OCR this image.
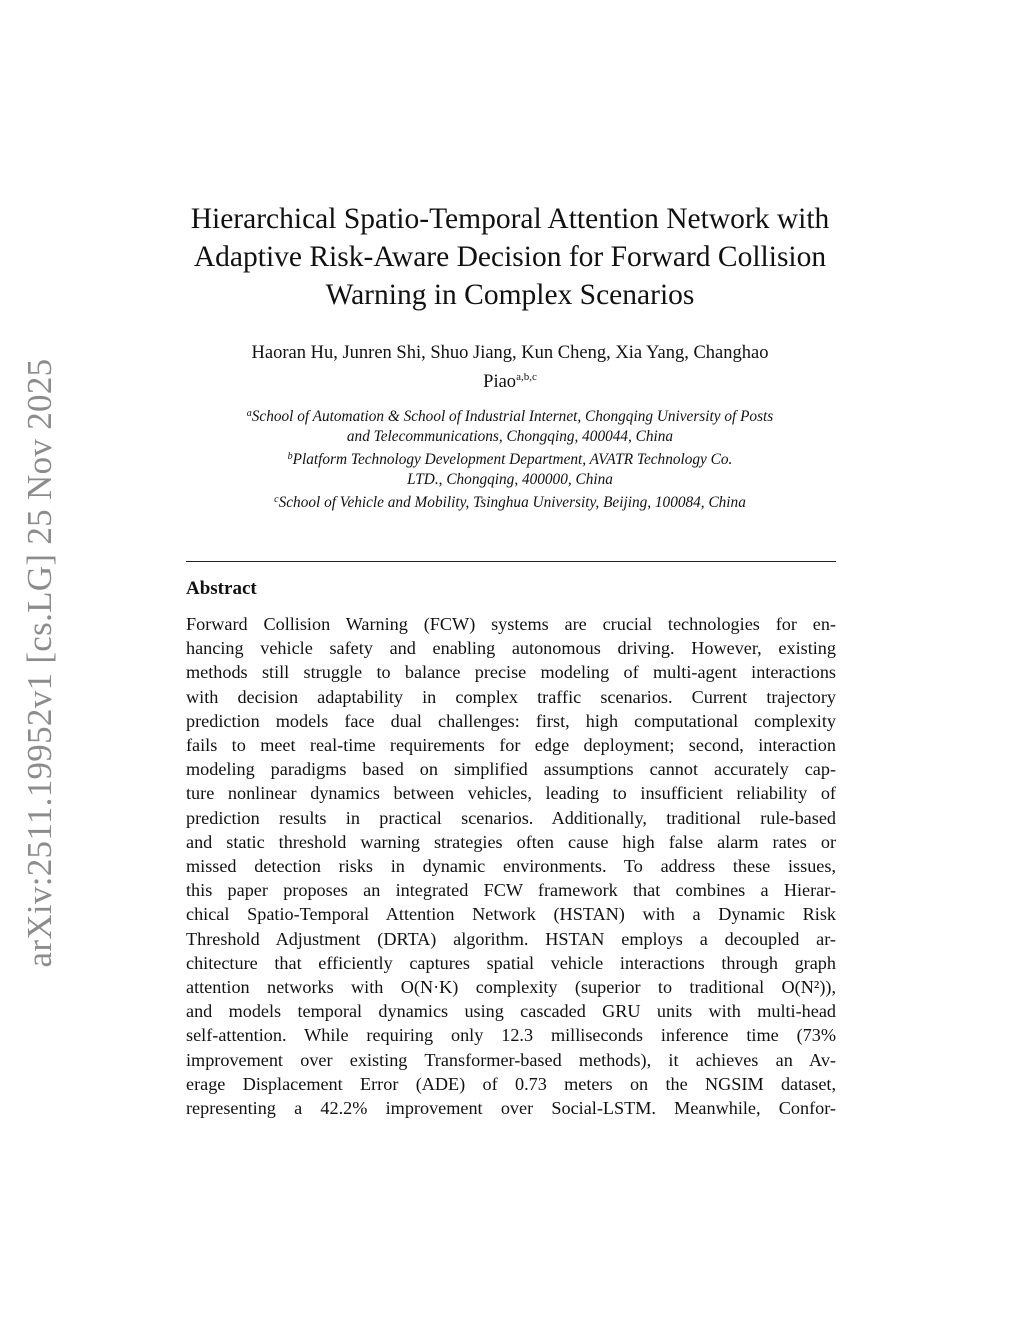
arXiv:2511.19952v1 [cs.LG] 25 Nov 2025
Hierarchical Spatio-Temporal Attention Network with
Adaptive Risk-Aware Decision for Forward Collision
Warning in Complex Scenarios
Haoran Hu, Junren Shi, Shuo Jiang, Kun Cheng, Xia Yang, Changhao
Piao$^{a,b,c}$
$^a$School of Automation & School of Industrial Internet, Chongqing University of Posts
and Telecommunications, Chongqing, 400044, China
$^b$Platform Technology Development Department, AVATR Technology Co.
LTD., Chongqing, 400000, China
$^c$School of Vehicle and Mobility, Tsinghua University, Beijing, 100084, China
Abstract
Forward Collision Warning (FCW) systems are crucial technologies for en-
hancing vehicle safety and enabling autonomous driving. However, existing
methods still struggle to balance precise modeling of multi-agent interactions
with decision adaptability in complex traffic scenarios. Current trajectory
prediction models face dual challenges: first, high computational complexity
fails to meet real-time requirements for edge deployment; second, interaction
modeling paradigms based on simplified assumptions cannot accurately cap-
ture nonlinear dynamics between vehicles, leading to insufficient reliability of
prediction results in practical scenarios. Additionally, traditional rule-based
and static threshold warning strategies often cause high false alarm rates or
missed detection risks in dynamic environments. To address these issues,
this paper proposes an integrated FCW framework that combines a Hierar-
chical Spatio-Temporal Attention Network (HSTAN) with a Dynamic Risk
Threshold Adjustment (DRTA) algorithm. HSTAN employs a decoupled ar-
chitecture that efficiently captures spatial vehicle interactions through graph
attention networks with O(N·K) complexity (superior to traditional O(N²)),
and models temporal dynamics using cascaded GRU units with multi-head
self-attention. While requiring only 12.3 milliseconds inference time (73%
improvement over existing Transformer-based methods), it achieves an Av-
erage Displacement Error (ADE) of 0.73 meters on the NGSIM dataset,
representing a 42.2% improvement over Social-LSTM. Meanwhile, Confor-
